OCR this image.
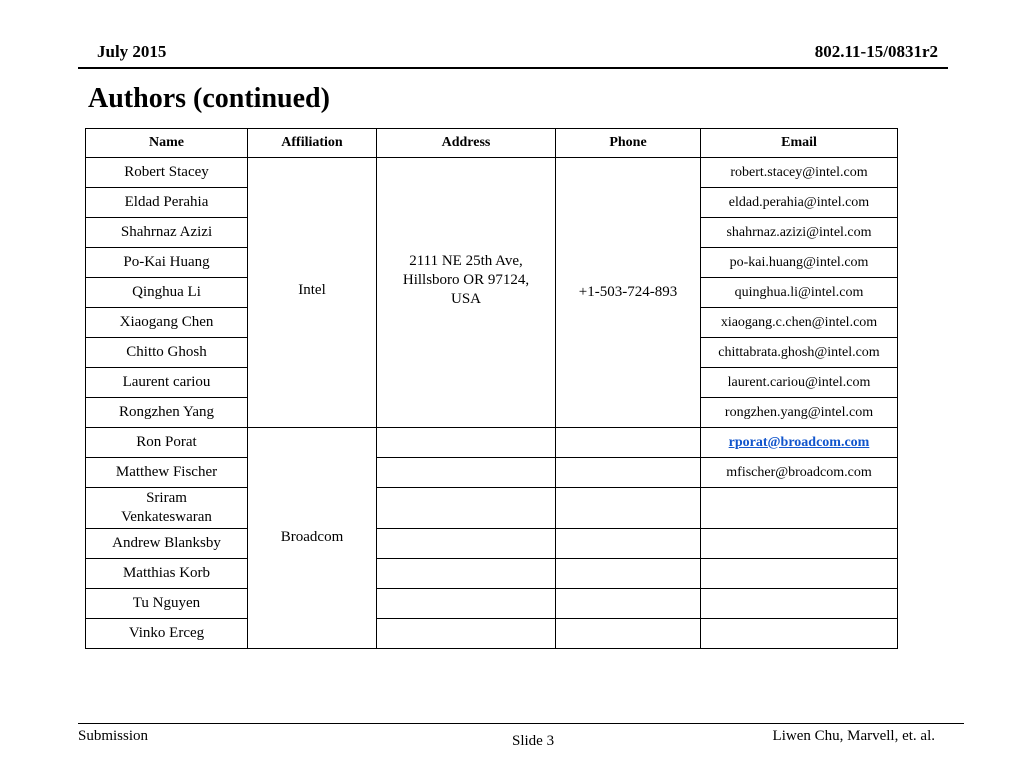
July 2015	802.11-15/0831r2
Authors (continued)
Name	Affiliation	Address	Phone	Email
Robert Stacey	Intel	2111 NE 25th Ave, Hillsboro OR 97124, USA	+1-503-724-893	robert.stacey@intel.com
Eldad Perahia				eldad.perahia@intel.com
Shahrnaz Azizi				shahrnaz.azizi@intel.com
Po-Kai Huang				po-kai.huang@intel.com
Qinghua Li				quinghua.li@intel.com
Xiaogang Chen				xiaogang.c.chen@intel.com
Chitto Ghosh				chittabrata.ghosh@intel.com
Laurent cariou				laurent.cariou@intel.com
Rongzhen Yang				rongzhen.yang@intel.com
Ron Porat	Broadcom			rporat@broadcom.com
Matthew Fischer				mfischer@broadcom.com

Sriram Venkateswaran				

Andrew Blanksby				
Matthias Korb				
Tu Nguyen				
Vinko Erceg				
Submission	Slide 3	Liwen Chu, Marvell, et. al.
